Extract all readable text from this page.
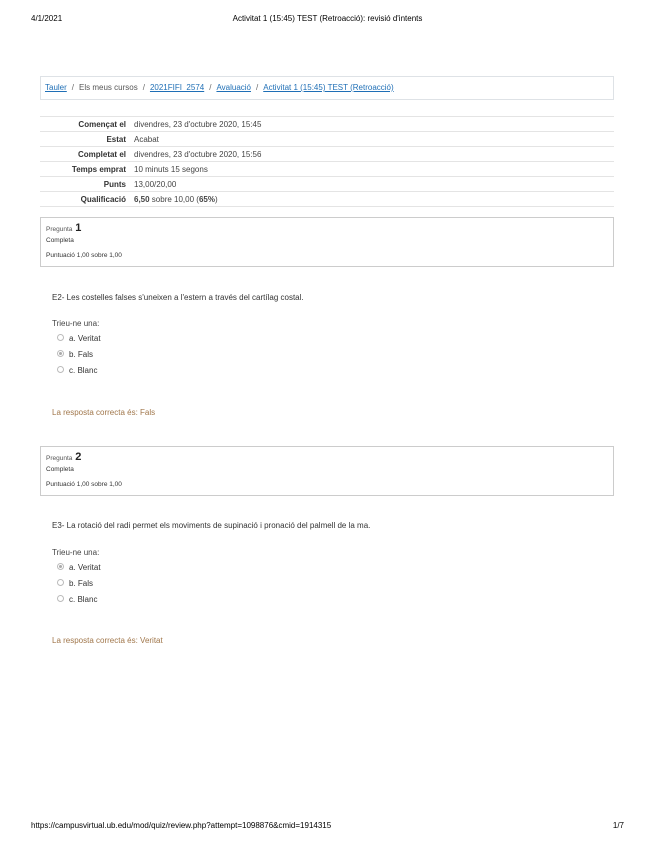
4/1/2021	Activitat 1 (15:45) TEST (Retroacció): revisió d'intents
Tauler / Els meus cursos / 2021FIFI_2574 / Avaluació / Activitat 1 (15:45) TEST (Retroacció)
Començat el	divendres, 23 d'octubre 2020, 15:45
Estat	Acabat
Completat el	divendres, 23 d'octubre 2020, 15:56
Temps emprat	10 minuts 15 segons
Punts	13,00/20,00
Qualificació	6,50 sobre 10,00 (65%)
Pregunta 1
Completa
Puntuació 1,00 sobre 1,00
E2- Les costelles falses s'uneixen a l'estern a través del cartílag costal.
Trieu-ne una:
a. Veritat
b. Fals
c. Blanc
La resposta correcta és: Fals
Pregunta 2
Completa
Puntuació 1,00 sobre 1,00
E3- La rotació del radi permet els moviments de supinació i pronació del palmell de la ma.
Trieu-ne una:
a. Veritat
b. Fals
c. Blanc
La resposta correcta és: Veritat
https://campusvirtual.ub.edu/mod/quiz/review.php?attempt=1098876&cmid=1914315	1/7
